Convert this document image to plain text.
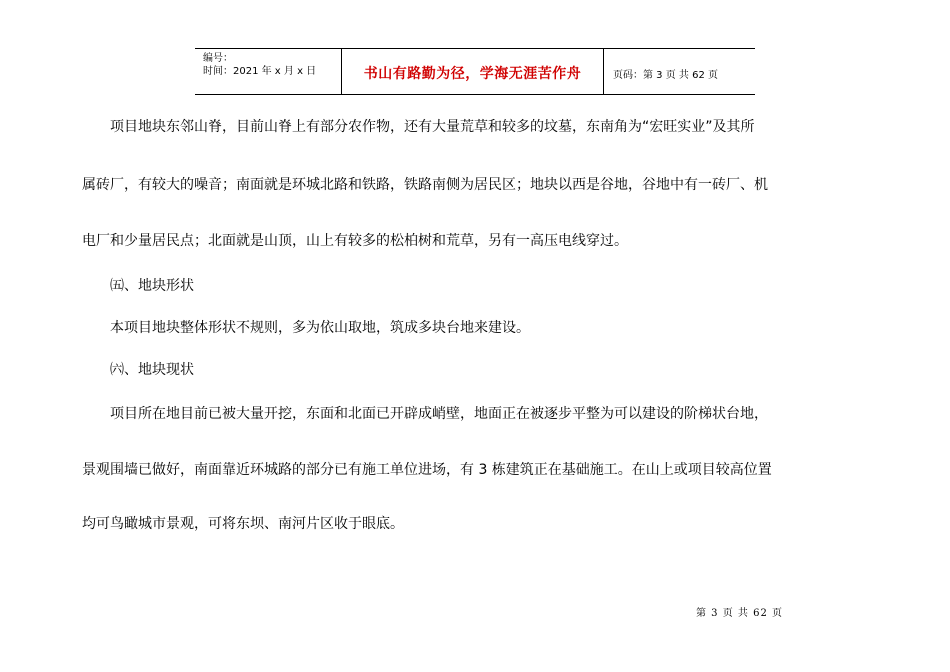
编号：
时间：2021 年 x 月 x 日	书山有路勤为径，学海无涯苦作舟	页码：第 3 页 共 62 页
项目地块东邻山脊，目前山脊上有部分农作物，还有大量荒草和较多的坟墓，东南角为“宏旺实业”及其所
属砖厂，有较大的噪音；南面就是环城北路和铁路，铁路南侧为居民区；地块以西是谷地，谷地中有一砖厂、机
电厂和少量居民点；北面就是山顶，山上有较多的松柏树和荒草，另有一高压电线穿过。
㈤、地块形状
本项目地块整体形状不规则，多为依山取地，筑成多块台地来建设。
㈥、地块现状
项目所在地目前已被大量开挖，东面和北面已开辟成峭壁，地面正在被逐步平整为可以建设的阶梯状台地，
景观围墙已做好，南面靠近环城路的部分已有施工单位进场，有 3 栋建筑正在基础施工。在山上或项目较高位置
均可鸟瞰城市景观，可将东坝、南河片区收于眼底。
第 3 页 共 62 页
